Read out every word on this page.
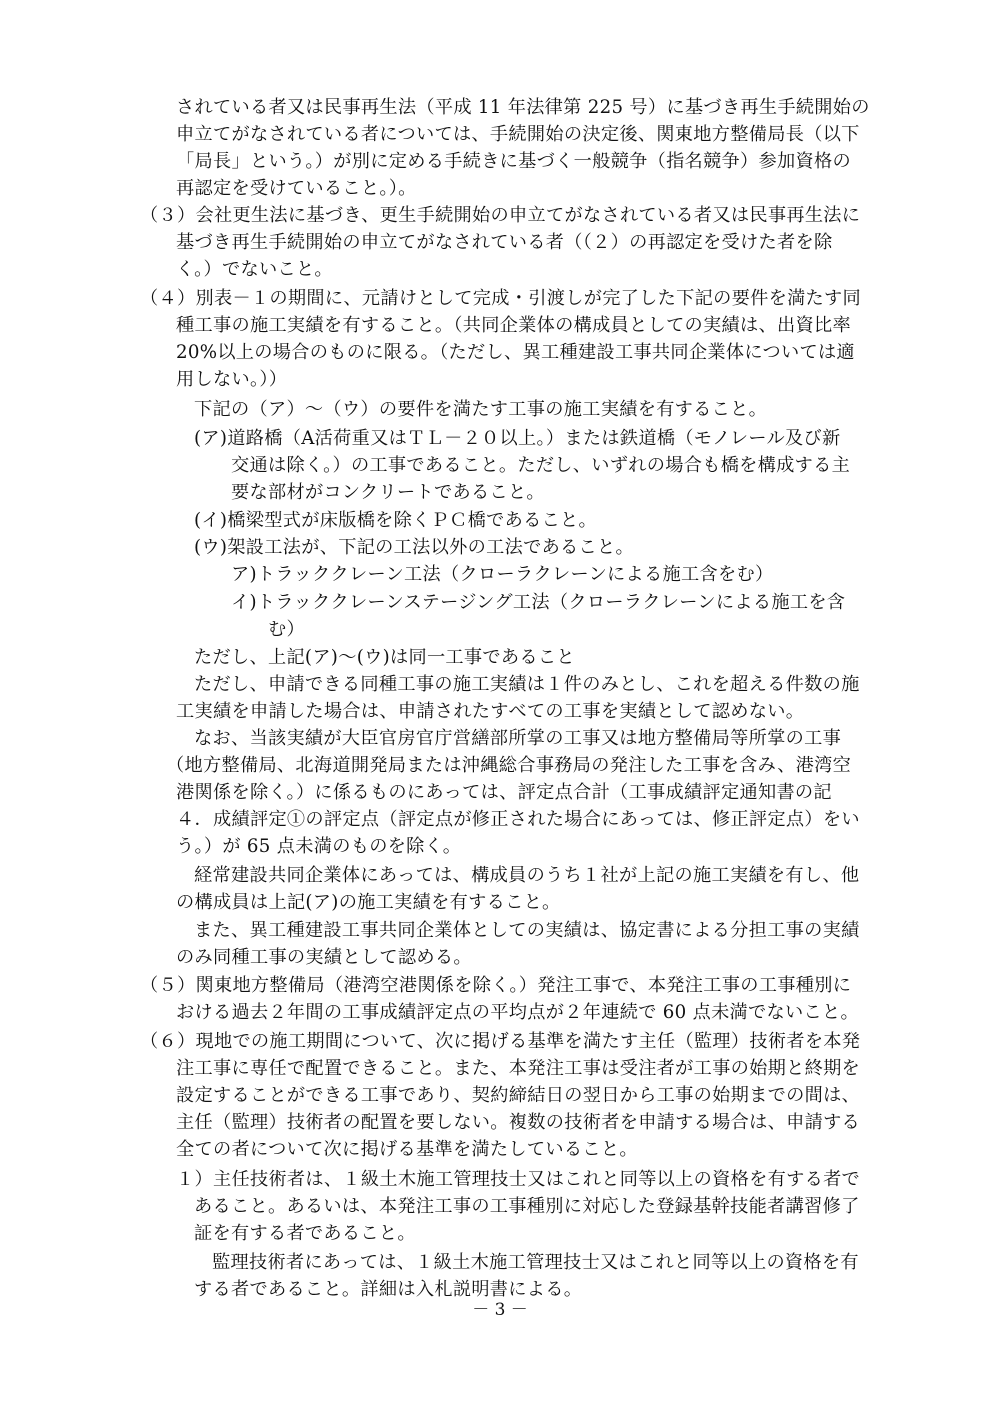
されている者又は民事再生法（平成 11 年法律第 225 号）に基づき再生手続開始の
申立てがなされている者については、手続開始の決定後、関東地方整備局長（以下
「局長」という。）が別に定める手続きに基づく一般競争（指名競争）参加資格の
再認定を受けていること。）。
（３）会社更生法に基づき、更生手続開始の申立てがなされている者又は民事再生法に
基づき再生手続開始の申立てがなされている者（（２）の再認定を受けた者を除
く。）でないこと。
（４）別表－１の期間に、元請けとして完成・引渡しが完了した下記の要件を満たす同
種工事の施工実績を有すること。（共同企業体の構成員としての実績は、出資比率
20%以上の場合のものに限る。（ただし、異工種建設工事共同企業体については適
用しない。））
下記の（ア）～（ウ）の要件を満たす工事の施工実績を有すること。
(ア)道路橋（A活荷重又はＴＬ－２０以上。）または鉄道橋（モノレール及び新
交通は除く。）の工事であること。ただし、いずれの場合も橋を構成する主
要な部材がコンクリートであること。
(イ)橋梁型式が床版橋を除くＰＣ橋であること。
(ウ)架設工法が、下記の工法以外の工法であること。
ア)トラッククレーン工法（クローラクレーンによる施工含をむ）
イ)トラッククレーンステージング工法（クローラクレーンによる施工を含
む）
ただし、上記(ア)～(ウ)は同一工事であること
ただし、申請できる同種工事の施工実績は１件のみとし、これを超える件数の施
工実績を申請した場合は、申請されたすべての工事を実績として認めない。
なお、当該実績が大臣官房官庁営繕部所掌の工事又は地方整備局等所掌の工事
（地方整備局、北海道開発局または沖縄総合事務局の発注した工事を含み、港湾空
港関係を除く。）に係るものにあっては、評定点合計（工事成績評定通知書の記
４．成績評定①の評定点（評定点が修正された場合にあっては、修正評定点）をい
う。）が 65 点未満のものを除く。
経常建設共同企業体にあっては、構成員のうち１社が上記の施工実績を有し、他
の構成員は上記(ア)の施工実績を有すること。
また、異工種建設工事共同企業体としての実績は、協定書による分担工事の実績
のみ同種工事の実績として認める。
（５）関東地方整備局（港湾空港関係を除く。）発注工事で、本発注工事の工事種別に
おける過去２年間の工事成績評定点の平均点が２年連続で 60 点未満でないこと。
（６）現地での施工期間について、次に掲げる基準を満たす主任（監理）技術者を本発
注工事に専任で配置できること。また、本発注工事は受注者が工事の始期と終期を
設定することができる工事であり、契約締結日の翌日から工事の始期までの間は、
主任（監理）技術者の配置を要しない。複数の技術者を申請する場合は、申請する
全ての者について次に掲げる基準を満たしていること。
１）主任技術者は、１級土木施工管理技士又はこれと同等以上の資格を有する者で
あること。あるいは、本発注工事の工事種別に対応した登録基幹技能者講習修了
証を有する者であること。
監理技術者にあっては、１級土木施工管理技士又はこれと同等以上の資格を有
する者であること。詳細は入札説明書による。
－ 3 －
